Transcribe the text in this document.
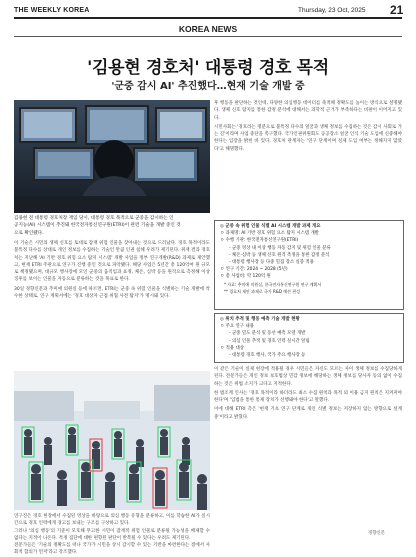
THE WEEKLY KOREA	Thursday, 23 Oct, 2025 21
KOREA NEWS
'김용현 경호처' 대통령 경호 목적
'군중 감시 AI' 추진했다…현재 기술 개발 중
김용현 전 대통령 경호처장 재임 당시, 대통령 경호 목적으로 군중을 감시하는 인
공지능(AI) 시스템이 추진돼 한국전자통신연구원(ETRI)이 관련 기술을 개발 중인 것
으로 확인됐다.

이 기술은 시민의 생체 신호를 토대로 잠재 위험 인물을 찾아내는 것으로 드러났다. 경호 목적이라도 불특정 다수를 상대로 개인 정보를 수집하는 기술인 만큼 인권 침해 우려가 제기된다. 취재 결과 경호처는 지난해 'AI 기반 경호 위험 요소 탐지 시스템' 개발 사업을 정부 연구개발(R&D) 과제로 제안했고, 현재 ETRI 주관으로 연구가 진행 중인 것으로 파악됐다. 해당 사업은 5년간 총 120억여 원 규모로 책정됐으며, 대규모 행사장에 모인 군중의 움직임과 표정, 체온, 심박 등을 원격으로 측정해 이상 징후를 보이는 인물을 자동으로 분류하는 것을 목표로 한다.

30일 경향신문과 추미애 의원실 등에 따르면, ETRI는 군중 속 위험 인물을 식별하는 기술 개발에 착수한 상태로, 연구 계획서에는 '경호 대상자 근접 위협 사전 탐지'가 명시돼 있다.

후 행동을 판단하는 것인데, 다양한 의심행동 데이터를 축적해 정확도를 높이는 방식으로 설명됐다. 생체 신호 탐지를 통한 감정 분석에 대해서는 과학적 근거가 부족하다는 비판이 이어지고 있다.

시민사회는 '경호라는 명분으로 불특정 다수의 얼굴과 생체 정보를 수집하는 것은 감시 사회로 가는 길'이라며 사업 중단을 촉구했다. 국가인권위원회도 공공장소 얼굴 인식 기술 도입에 신중해야 한다는 입장을 밝힌 바 있다. 경호처 관계자는 '연구 단계이며 실제 도입 여부는 정해지지 않았다'고 해명했다.

◎ 군중 속 위험 인물 식별 AI 시스템 개발 과제 개요
ㅇ 과제명: AI 기반 경호 위험 요소 탐지 시스템 개발
ㅇ 수행 기관: 한국전자통신연구원(ETRI)
- 군중 영상 내 이상 행동 자동 감지 및 위험 인물 분류
- 체온·심박 등 생체 신호 원격 측정을 통한 감정 분석
- 대통령 행사장 등 다중 밀집 장소 실증 적용
ㅇ 연구 기간: 2024 ~ 2028 (5년)
ㅇ 총 사업비: 약 120억 원
* 자료: 추미애 의원실, 한국전자통신연구원 연구 계획서
** 경호처 제안 과제로 국가 R&D 예산 편성
◎ 위치 추적 및 행동 예측 기술 개발 현황
ㅇ 주요 연구 내용
- 군중 밀도 분석 및 동선 예측 모델 개발
- 의심 인물 추적 및 경호 인력 실시간 알림
ㅇ 적용 대상
- 대통령 경호 행사, 국가 주요 행사장 등

이 같은 기술이 실제 현장에 적용될 경우 시민들은 자신도 모르는 사이 생체 정보를 수집당하게 된다. 전문가들은 개인 정보 보호법상 민감 정보에 해당하는 생체 정보를 당사자 동의 없이 수집하는 것은 위법 소지가 크다고 지적한다.

한 법조계 인사는 '경호 목적이라 하더라도 최소 수집 원칙과 목적 외 이용 금지 원칙은 지켜져야 한다'며 '입법을 통한 통제 장치가 선행돼야 한다'고 말했다.

이에 대해 ETRI 측은 '현재 기초 연구 단계로 개인 식별 정보는 저장하지 않는 방향으로 설계 중'이라고 밝혔다.

연구진은 경호 현장에서 수집된 영상을 바탕으로 의심 행동 유형을 분류하고, 이를 학습한 AI가 실시간으로 경호 인력에게 경고를 보내는 구조를 구상하고 있다.

그러나 '의심 행동'의 기준이 모호해 무고한 시민이 잠재적 위험 인물로 분류될 가능성을 배제할 수 없다는 지적이 나온다. 특정 집단에 대한 편향된 판단이 반복될 수 있다는 우려도 제기된다.

전문가들은 '기술의 정확도를 떠나 국가가 시민을 상시 감시할 수 있는 기반을 마련한다는 점에서 사회적 합의가 먼저'라고 강조했다.

경향신문
